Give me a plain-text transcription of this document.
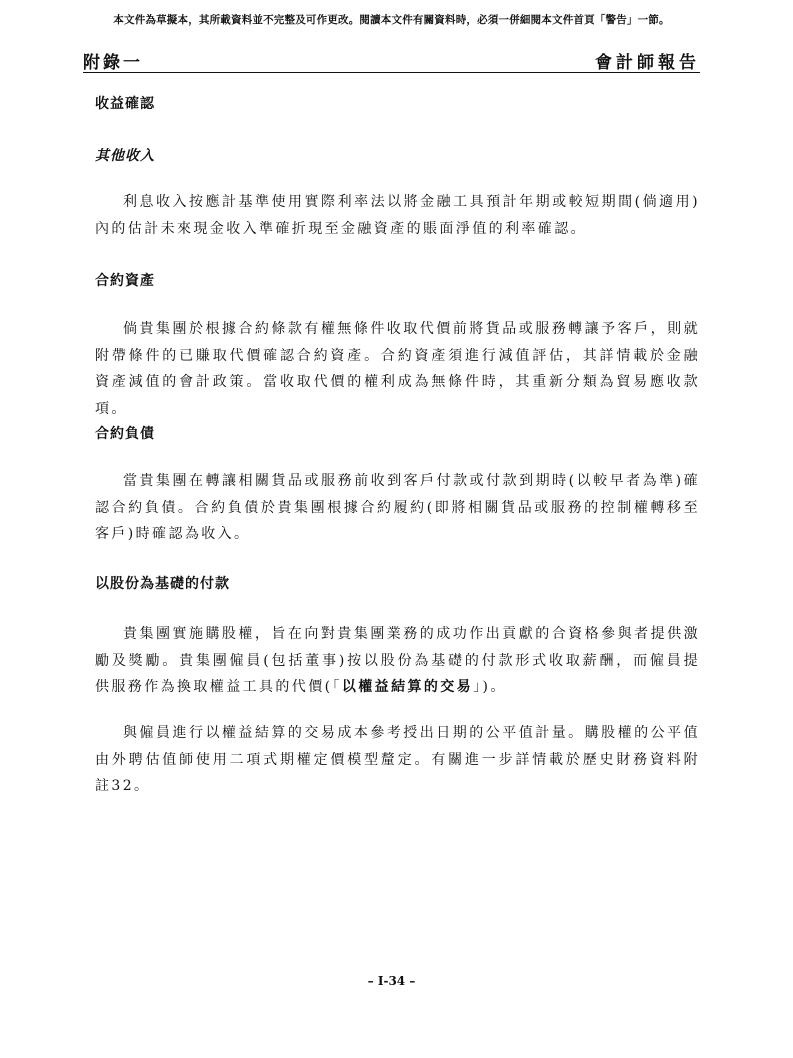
本文件為草擬本，其所載資料並不完整及可作更改。閱讀本文件有關資料時，必須一併細閱本文件首頁「警告」一節。
附錄一	會計師報告
收益確認
其他收入
利息收入按應計基準使用實際利率法以將金融工具預計年期或較短期間(倘適用)內的估計未來現金收入準確折現至金融資產的賬面淨值的利率確認。
合約資產
倘貴集團於根據合約條款有權無條件收取代價前將貨品或服務轉讓予客戶，則就附帶條件的已賺取代價確認合約資產。合約資產須進行減值評估，其詳情載於金融資產減值的會計政策。當收取代價的權利成為無條件時，其重新分類為貿易應收款項。
合約負債
當貴集團在轉讓相關貨品或服務前收到客戶付款或付款到期時(以較早者為準)確認合約負債。合約負債於貴集團根據合約履約(即將相關貨品或服務的控制權轉移至客戶)時確認為收入。
以股份為基礎的付款
貴集團實施購股權，旨在向對貴集團業務的成功作出貢獻的合資格參與者提供激勵及獎勵。貴集團僱員(包括董事)按以股份為基礎的付款形式收取薪酬，而僱員提供服務作為換取權益工具的代價(「以權益結算的交易」)。
與僱員進行以權益結算的交易成本參考授出日期的公平值計量。購股權的公平值由外聘估值師使用二項式期權定價模型釐定。有關進一步詳情載於歷史財務資料附註32。
– I-34 –
